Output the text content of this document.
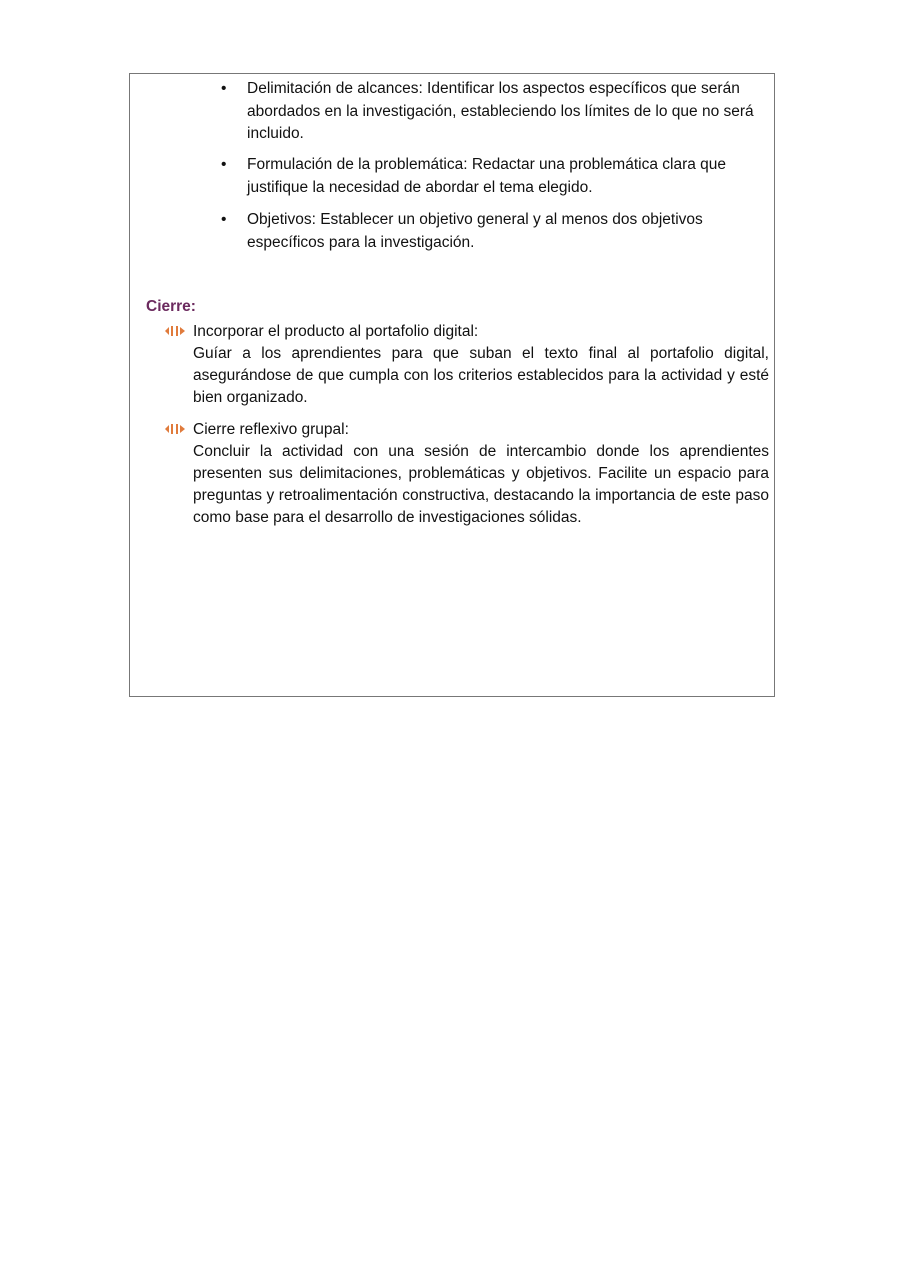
• Delimitación de alcances: Identificar los aspectos específicos que serán abordados en la investigación, estableciendo los límites de lo que no será incluido.
• Formulación de la problemática: Redactar una problemática clara que justifique la necesidad de abordar el tema elegido.
• Objetivos: Establecer un objetivo general y al menos dos objetivos específicos para la investigación.
Cierre:
Incorporar el producto al portafolio digital:
Guíar a los aprendientes para que suban el texto final al portafolio digital, asegurándose de que cumpla con los criterios establecidos para la actividad y esté bien organizado.
Cierre reflexivo grupal:
Concluir la actividad con una sesión de intercambio donde los aprendientes presenten sus delimitaciones, problemáticas y objetivos. Facilite un espacio para preguntas y retroalimentación constructiva, destacando la importancia de este paso como base para el desarrollo de investigaciones sólidas.
